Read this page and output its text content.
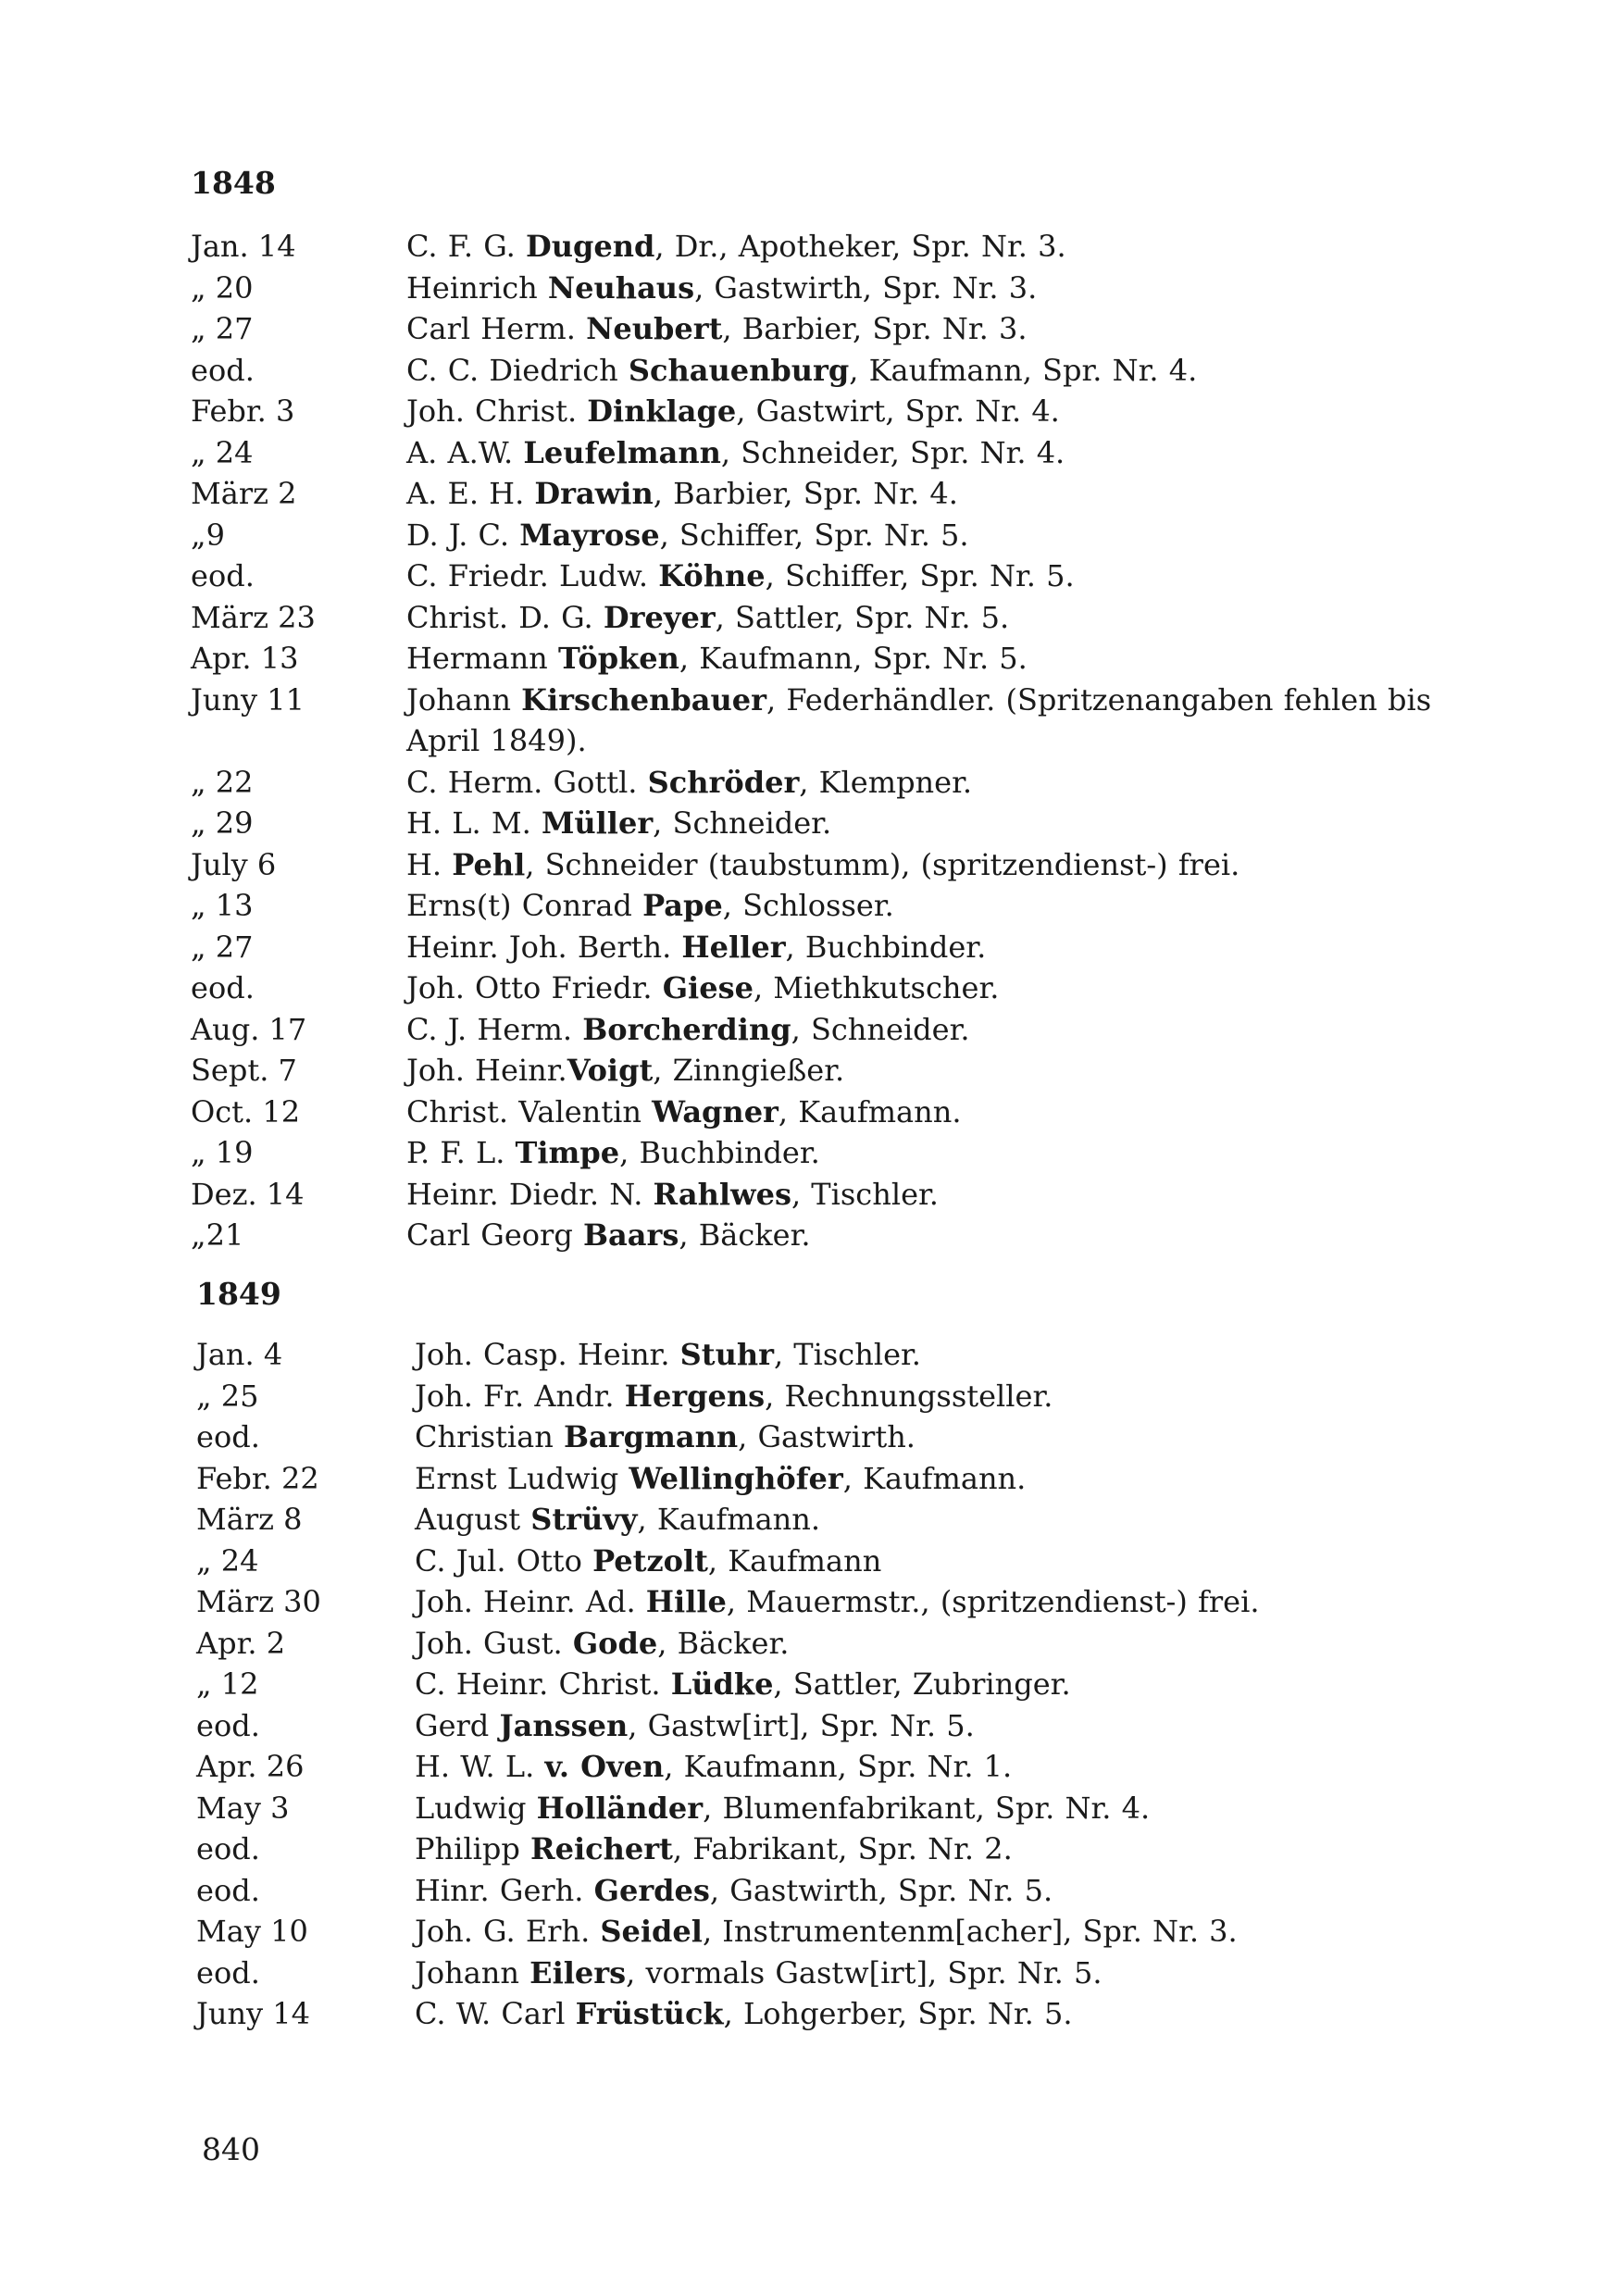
1848
Jan. 14	C. F. G. Dugend, Dr., Apotheker, Spr. Nr. 3.
„ 20	Heinrich Neuhaus, Gastwirth, Spr. Nr. 3.
„ 27	Carl Herm. Neubert, Barbier, Spr. Nr. 3.
eod.	C. C. Diedrich Schauenburg, Kaufmann, Spr. Nr. 4.
Febr. 3	Joh. Christ. Dinklage, Gastwirt, Spr. Nr. 4.
„ 24	A. A.W. Leufelmann, Schneider, Spr. Nr. 4.
März 2	A. E. H. Drawin, Barbier, Spr. Nr. 4.
„9	D. J. C. Mayrose, Schiffer, Spr. Nr. 5.
eod.	C. Friedr. Ludw. Köhne, Schiffer, Spr. Nr. 5.
März 23	Christ. D. G. Dreyer, Sattler, Spr. Nr. 5.
Apr. 13	Hermann Töpken, Kaufmann, Spr. Nr. 5.
Juny 11	Johann Kirschenbauer, Federhändler. (Spritzenangaben fehlen bis April 1849).
„ 22	C. Herm. Gottl. Schröder, Klempner.
„ 29	H. L. M. Müller, Schneider.
July 6	H. Pehl, Schneider (taubstumm), (spritzendienst-) frei.
„ 13	Erns(t) Conrad Pape, Schlosser.
„ 27	Heinr. Joh. Berth. Heller, Buchbinder.
eod.	Joh. Otto Friedr. Giese, Miethkutscher.
Aug. 17	C. J. Herm. Borcherding, Schneider.
Sept. 7	Joh. Heinr.Voigt, Zinngießer.
Oct. 12	Christ. Valentin Wagner, Kaufmann.
„ 19	P. F. L. Timpe, Buchbinder.
Dez. 14	Heinr. Diedr. N. Rahlwes, Tischler.
„21	Carl Georg Baars, Bäcker.
1849
Jan. 4	Joh. Casp. Heinr. Stuhr, Tischler.
„ 25	Joh. Fr. Andr. Hergens, Rechnungssteller.
eod.	Christian Bargmann, Gastwirth.
Febr. 22	Ernst Ludwig Wellinghöfer, Kaufmann.
März 8	August Strüvy, Kaufmann.
„ 24	C. Jul. Otto Petzolt, Kaufmann
März 30	Joh. Heinr. Ad. Hille, Mauermstr., (spritzendienst-) frei.
Apr. 2	Joh. Gust. Gode, Bäcker.
„ 12	C. Heinr. Christ. Lüdke, Sattler, Zubringer.
eod.	Gerd Janssen, Gastw[irt], Spr. Nr. 5.
Apr. 26	H. W. L. v. Oven, Kaufmann, Spr. Nr. 1.
May 3	Ludwig Holländer, Blumenfabrikant, Spr. Nr. 4.
eod.	Philipp Reichert, Fabrikant, Spr. Nr. 2.
eod.	Hinr. Gerh. Gerdes, Gastwirth, Spr. Nr. 5.
May 10	Joh. G. Erh. Seidel, Instrumentenm[acher], Spr. Nr. 3.
eod.	Johann Eilers, vormals Gastw[irt], Spr. Nr. 5.
Juny 14	C. W. Carl Früstück, Lohgerber, Spr. Nr. 5.
840
